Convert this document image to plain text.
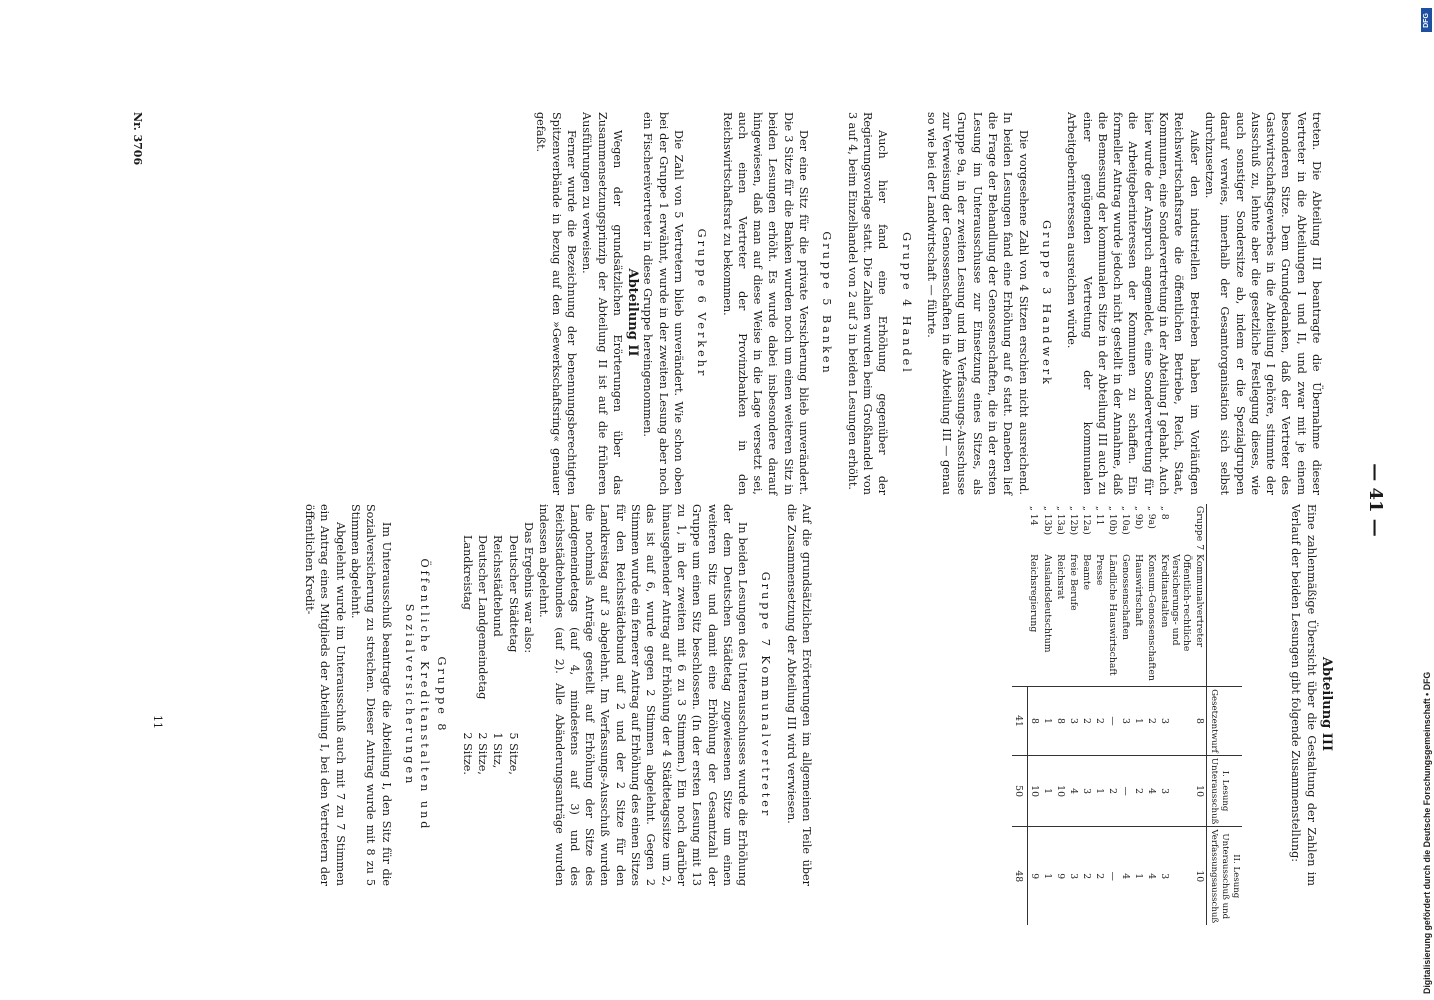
— 41 —

treten. Die Abteilung III beantragte die Übernahme dieser Vertreter in die Abteilungen I und II, und zwar mit je einem besonderen Sitze. Dem Grundgedanken, daß der Vertreter des Gastwirtschaftsgewerbes in die Abteilung I gehöre, stimmte der Ausschuß zu, lehnte aber die gesetzliche Festlegung dieses, wie auch sonstiger Sondersitze ab, indem er die Spezialgruppen darauf verwies, innerhalb der Gesamtorganisation sich selbst durchzusetzen.

Außer den industriellen Betrieben haben im Vorläufigen Reichswirtschaftsrate die öffentlichen Betriebe, Reich, Staat, Kommunen, eine Sondervertretung in der Abteilung I gehabt. Auch hier wurde der Anspruch angemeldet, eine Sondervertretung für die Arbeitgeberinteressen der Kommunen zu schaffen. Ein formeller Antrag wurde jedoch nicht gestellt in der Annahme, daß die Bemessung der kommunalen Sitze in der Abteilung III auch zu einer genügenden Vertretung der kommunalen Arbeitgeberinteressen ausreichen würde.

Gruppe 3 Handwerk

Die vorgesehene Zahl von 4 Sitzen erschien nicht ausreichend. In beiden Lesungen fand eine Erhöhung auf 6 statt. Daneben lief die Frage der Behandlung der Genossenschaften, die in der ersten Lesung im Unterausschusse zur Einsetzung eines Sitzes, als Gruppe 9a, in der zweiten Lesung und im Verfassungs-Ausschusse zur Verweisung der Genossenschaften in die Abteilung III — genau so wie bei der Landwirtschaft — führte.

Gruppe 4 Handel

Auch hier fand eine Erhöhung gegenüber der Regierungsvorlage statt. Die Zahlen wurden beim Großhandel von 3 auf 4, beim Einzelhandel von 2 auf 3 in beiden Lesungen erhöht.

Gruppe 5 Banken

Der eine Sitz für die private Versicherung blieb unverändert. Die 3 Sitze für die Banken wurden noch um einen weiteren Sitz in beiden Lesungen erhöht. Es wurde dabei insbesondere darauf hingewiesen, daß man auf diese Weise in die Lage versetzt sei, auch einen Vertreter der Provinzbanken in den Reichswirtschaftsrat zu bekommen.

Gruppe 6 Verkehr

Die Zahl von 5 Vertretern blieb unverändert. Wie schon oben bei der Gruppe 1 erwähnt, wurde in der zweiten Lesung aber noch ein Fischereivertreter in diese Gruppe hereingenommen.

Abteilung II

Wegen der grundsätzlichen Erörterungen über das Zusammensetzungsprinzip der Abteilung II ist auf die früheren Ausführungen zu verweisen.

Ferner wurde die Bezeichnung der benennungsberechtigten Spitzenverbände in bezug auf den »Gewerkschaftsring« genauer gefaßt.

Nr. 3706

Abteilung III

Eine zahlenmäßige Übersicht über die Gestaltung der Zahlen im Verlauf der beiden Lesungen gibt folgende Zusammenstellung:

		Gesetzentwurf	I. Lesung Unterausschuß	II. Lesung Unterausschuß und Verfassungsausschuß
Gruppe 7	Kommunalvertreter	8	10	10
„ 8	Öffentlich-rechtliche Versicherungs- und Kreditanstalten	3	3	3
„ 9a)	Konsum-Genossenschaften	2	4	4
„ 9b)	Hauswirtschaft	1	2	1
„ 10a)	Genossenschaften	3	—	4
„ 10b)	Ländliche Hauswirtschaft	—	2	—
„ 11	Presse	2	1	2
„ 12a)	Beamte	2	3	2
„ 12b)	freie Berufe	3	4	3
„ 13a)	Reichsrat	8	10	9
„ 13b)	Auslandsdeutschtum	1	1	1
„ 14	Reichsregierung	8	10	9
		41	50	48

Auf die grundsätzlichen Erörterungen im allgemeinen Teile über die Zusammensetzung der Abteilung III wird verwiesen.

Gruppe 7 Kommunalvertreter

In beiden Lesungen des Unterausschusses wurde die Erhöhung der dem Deutschen Städtetag zugewiesenen Sitze um einen weiteren Sitz und damit eine Erhöhung der Gesamtzahl der Gruppe um einen Sitz beschlossen. (In der ersten Lesung mit 13 zu 1, in der zweiten mit 6 zu 3 Stimmen.) Ein noch darüber hinausgehender Antrag auf Erhöhung der 4 Städtetagssitze um 2, das ist auf 6, wurde gegen 2 Stimmen abgelehnt. Gegen 2 Stimmen wurde ein fernerer Antrag auf Erhöhung des einen Sitzes für den Reichsstädtebund auf 2 und der 2 Sitze für den Landkreistag auf 3 abgelehnt. Im Verfassungs-Ausschuß wurden die nochmals Anträge gestellt auf Erhöhung der Sitze des Landgemeindetags (auf 4, mindestens auf 3) und des Reichsstädtebundes (auf 2). Alle Abänderungsanträge wurden indessen abgelehnt.

Das Ergebnis war also:

Deutscher Städtetag	5 Sitze,
Reichsstädtebund	1 Sitz,
Deutscher Landgemeindetag	2 Sitze,
Landkreistag	2 Sitze.

Gruppe 8

Öffentliche Kreditanstalten und Sozialversicherungen

Im Unterausschuß beantragte die Abteilung I, den Sitz für die Sozialversicherung zu streichen. Dieser Antrag wurde mit 8 zu 5 Stimmen abgelehnt.

Abgelehnt wurde im Unterausschuß auch mit 7 zu 7 Stimmen ein Antrag eines Mitglieds der Abteilung I, bei den Vertretern der öffentlichen Kredit-

11	Digitalisierung gefördert durch die Deutsche Forschungsgemeinschaft • DFG
DFG
